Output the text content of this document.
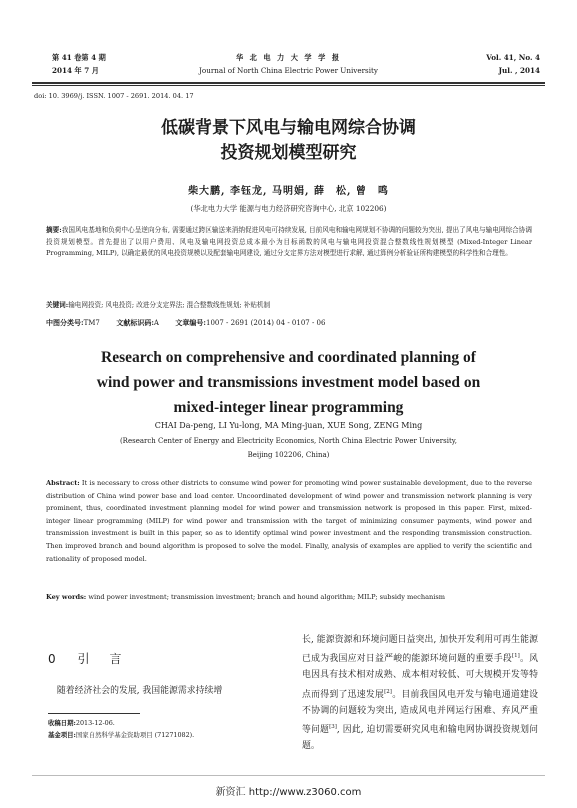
第 41 卷第 4 期
2014 年 7 月
华 北 电 力 大 学 学 报
Journal of North China Electric Power University
Vol. 41, No. 4
Jul. , 2014
doi: 10. 3969/j. ISSN. 1007 - 2691. 2014. 04. 17
低碳背景下风电与输电网综合协调
投资规划模型研究
柴大鹏, 李钰龙, 马明娟, 薛　松, 曾　鸣
(华北电力大学 能源与电力经济研究咨询中心, 北京 102206)
摘要:我国风电基地和负荷中心呈逆向分布, 需要通过跨区输送来消纳促进风电可持续发展, 目前风电和输电网规划不协调的问题较为突出, 提出了风电与输电网综合协调投资规划模型。首先提出了以用户费用、风电及输电网投资总成本最小为目标函数的风电与输电网投资混合整数线性规划模型 (Mixed-Integer Linear Programming, MILP), 以确定最优的风电投资规模以及配套输电网建设, 通过分支定界方法对模型进行求解, 通过算例分析验证所构建模型的科学性和合理性。
关键词:输电网投资; 风电投资; 改进分支定界法; 混合整数线性规划; 补贴机制
中图分类号:TM7 文献标识码:A 文章编号:1007 - 2691 (2014) 04 - 0107 - 06
Research on comprehensive and coordinated planning of
wind power and transmissions investment model based on
mixed-integer linear programming
CHAI Da-peng, LI Yu-long, MA Ming-juan, XUE Song, ZENG Ming
(Research Center of Energy and Electricity Economics, North China Electric Power University,
Beijing 102206, China)
Abstract: It is necessary to cross other districts to consume wind power for promoting wind power sustainable development, due to the reverse distribution of China wind power base and load center. Uncoordinated development of wind power and transmission network planning is very prominent, thus, coordinated investment planning model for wind power and transmission network is proposed in this paper. First, mixed-integer linear programming (MILP) for wind power and transmission with the target of minimizing consumer payments, wind power and transmission investment is built in this paper, so as to identify optimal wind power investment and the responding transmission construction. Then improved branch and bound algorithm is proposed to solve the model. Finally, analysis of examples are applied to verify the scientific and rationality of proposed model.
Key words: wind power investment; transmission investment; branch and hound algorithm; MILP; subsidy mechanism
0 引　言
随着经济社会的发展, 我国能源需求持续增
收稿日期:2013-12-06.
基金项目:国家自然科学基金资助项目 (71271082).
长, 能源资源和环境问题日益突出, 加快开发利用可再生能源已成为我国应对日益严峻的能源环境问题的重要手段[1]。风电因具有技术相对成熟、成本相对较低、可大规模开发等特点而得到了迅速发展[2]。目前我国风电开发与输电通道建设不协调的问题较为突出, 造成风电并网运行困难、弃风严重等问题[3], 因此, 迫切需要研究风电和输电网协调投资规划问题。
新资汇 http://www.z3060.com
